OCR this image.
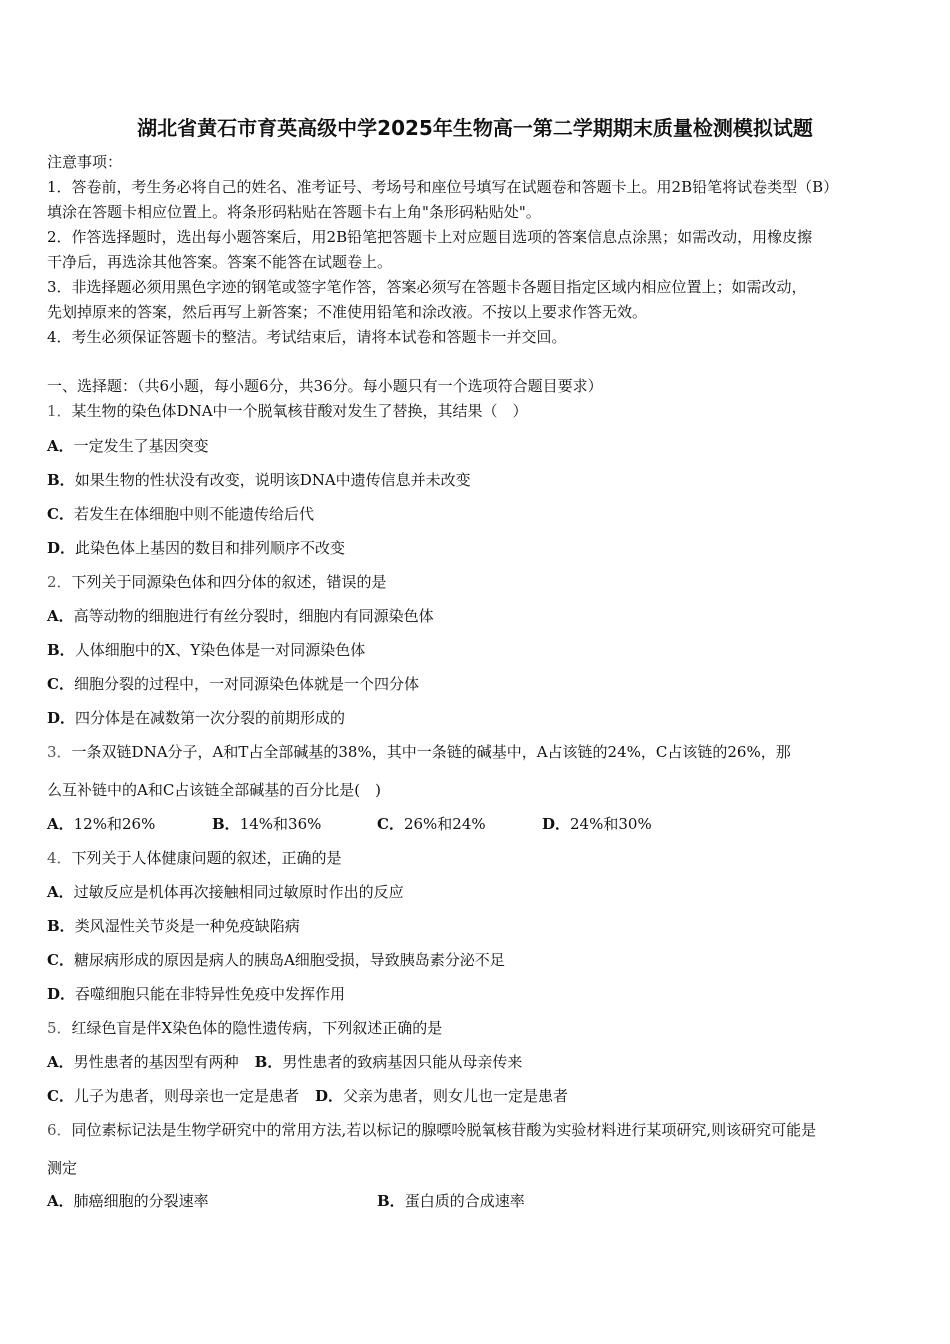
湖北省黄石市育英高级中学2025年生物高一第二学期期末质量检测模拟试题
注意事项：
1．答卷前，考生务必将自己的姓名、准考证号、考场号和座位号填写在试题卷和答题卡上。用2B铅笔将试卷类型（B）
填涂在答题卡相应位置上。将条形码粘贴在答题卡右上角"条形码粘贴处"。
2．作答选择题时，选出每小题答案后，用2B铅笔把答题卡上对应题目选项的答案信息点涂黑；如需改动，用橡皮擦
干净后，再选涂其他答案。答案不能答在试题卷上。
3．非选择题必须用黑色字迹的钢笔或签字笔作答，答案必须写在答题卡各题目指定区域内相应位置上；如需改动，
先划掉原来的答案，然后再写上新答案；不准使用铅笔和涂改液。不按以上要求作答无效。
4．考生必须保证答题卡的整洁。考试结束后，请将本试卷和答题卡一并交回。
一、选择题：（共6小题，每小题6分，共36分。每小题只有一个选项符合题目要求）
1．某生物的染色体DNA中一个脱氧核苷酸对发生了替换，其结果（　）
A．一定发生了基因突变
B．如果生物的性状没有改变，说明该DNA中遗传信息并未改变
C．若发生在体细胞中则不能遗传给后代
D．此染色体上基因的数目和排列顺序不改变
2．下列关于同源染色体和四分体的叙述，错误的是
A．高等动物的细胞进行有丝分裂时，细胞内有同源染色体
B．人体细胞中的X、Y染色体是一对同源染色体
C．细胞分裂的过程中，一对同源染色体就是一个四分体
D．四分体是在减数第一次分裂的前期形成的
3．一条双链DNA分子，A和T占全部碱基的38%，其中一条链的碱基中，A占该链的24%，C占该链的26%，那
么互补链中的A和C占该链全部碱基的百分比是(　)
A．12%和26%	B．14%和36%	C．26%和24%	D．24%和30%
4．下列关于人体健康问题的叙述，正确的是
A．过敏反应是机体再次接触相同过敏原时作出的反应
B．类风湿性关节炎是一种免疫缺陷病
C．糖尿病形成的原因是病人的胰岛A细胞受损，导致胰岛素分泌不足
D．吞噬细胞只能在非特异性免疫中发挥作用
5．红绿色盲是伴X染色体的隐性遗传病，下列叙述正确的是
A．男性患者的基因型有两种 B．男性患者的致病基因只能从母亲传来
C．儿子为患者，则母亲也一定是患者 D．父亲为患者，则女儿也一定是患者
6．同位素标记法是生物学研究中的常用方法,若以标记的腺嘌呤脱氧核苷酸为实验材料进行某项研究,则该研究可能是
测定
A．肺癌细胞的分裂速率	B．蛋白质的合成速率
